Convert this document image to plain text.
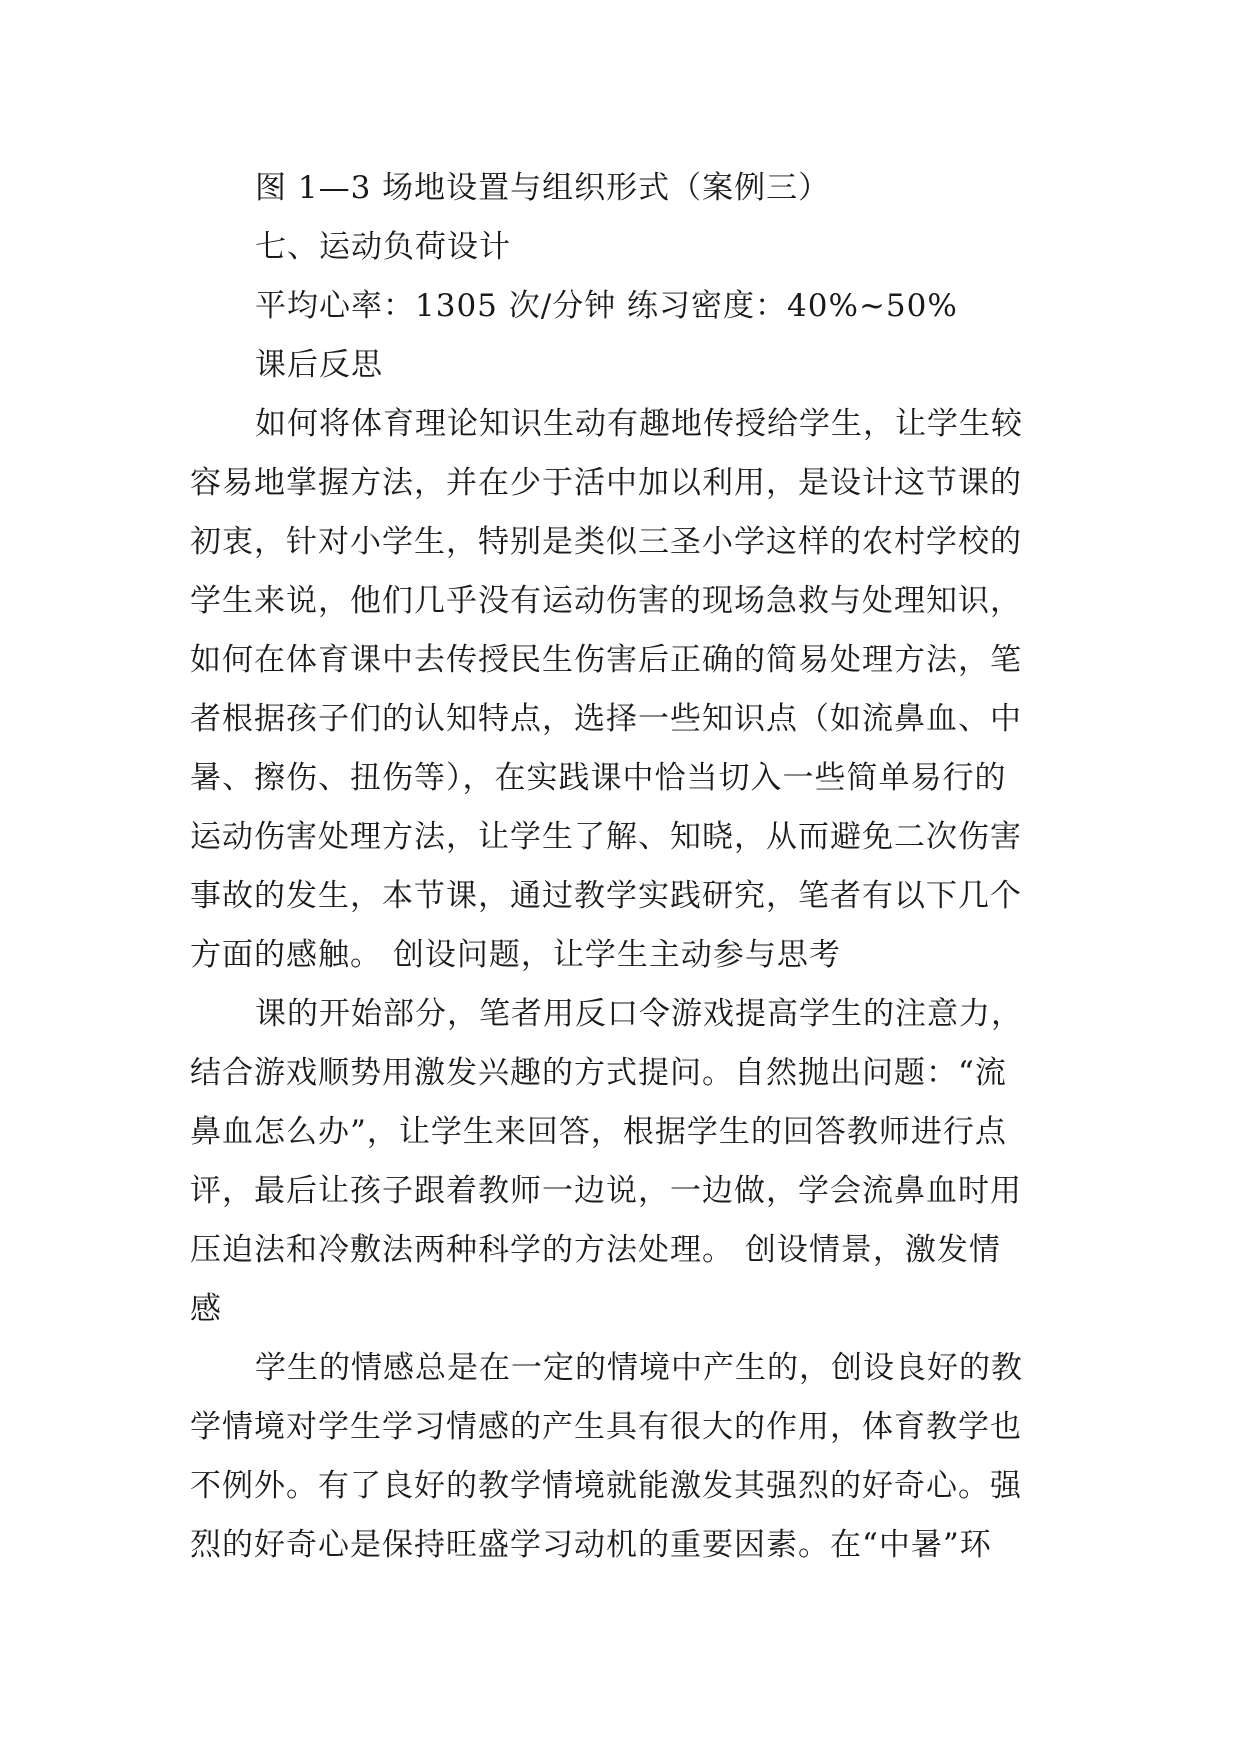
图 1—3 场地设置与组织形式（案例三）
七、运动负荷设计
平均心率：1305 次/分钟 练习密度：40%~50%
课后反思
如何将体育理论知识生动有趣地传授给学生，让学生较
容易地掌握方法，并在少于活中加以利用，是设计这节课的
初衷，针对小学生，特别是类似三圣小学这样的农村学校的
学生来说，他们几乎没有运动伤害的现场急救与处理知识，
如何在体育课中去传授民生伤害后正确的简易处理方法，笔
者根据孩子们的认知特点，选择一些知识点（如流鼻血、中
暑、擦伤、扭伤等），在实践课中恰当切入一些简单易行的
运动伤害处理方法，让学生了解、知晓，从而避免二次伤害
事故的发生，本节课，通过教学实践研究，笔者有以下几个
方面的感触。 创设问题，让学生主动参与思考
课的开始部分，笔者用反口令游戏提高学生的注意力，
结合游戏顺势用激发兴趣的方式提问。自然抛出问题：“流
鼻血怎么办”，让学生来回答，根据学生的回答教师进行点
评，最后让孩子跟着教师一边说，一边做，学会流鼻血时用
压迫法和冷敷法两种科学的方法处理。 创设情景，激发情
感
学生的情感总是在一定的情境中产生的，创设良好的教
学情境对学生学习情感的产生具有很大的作用，体育教学也
不例外。有了良好的教学情境就能激发其强烈的好奇心。强
烈的好奇心是保持旺盛学习动机的重要因素。在“中暑”环
